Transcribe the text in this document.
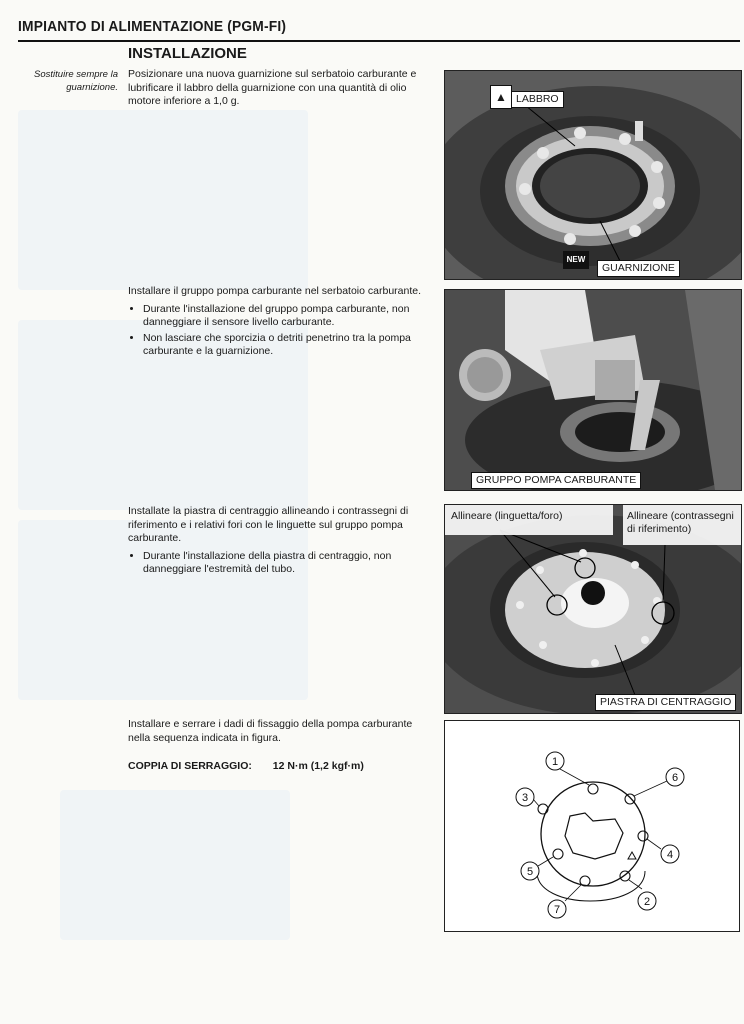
IMPIANTO DI ALIMENTAZIONE (PGM-FI)
INSTALLAZIONE
Sostituire sempre la guarnizione.
Posizionare una nuova guarnizione sul serbatoio carburante e lubrificare il labbro della guarnizione con una quantità di olio motore inferiore a 1,0 g.
Installare il gruppo pompa carburante nel serbatoio carburante.
• Durante l'installazione del gruppo pompa carburante, non danneggiare il sensore livello carburante.
• Non lasciare che sporcizia o detriti penetrino tra la pompa carburante e la guarnizione.
Installate la piastra di centraggio allineando i contrassegni di riferimento e i relativi fori con le linguette sul gruppo pompa carburante.
• Durante l'installazione della piastra di centraggio, non danneggiare l'estremità del tubo.
Installare e serrare i dadi di fissaggio della pompa carburante nella sequenza indicata in figura.
COPPIA DI SERRAGGIO: 12 N·m (1,2 kgf·m)
▲ LABBRO
NEW
GUARNIZIONE
GRUPPO POMPA CARBURANTE
Allineare (linguetta/foro)	Allineare (contrassegni di riferimento)
PIASTRA DI CENTRAGGIO
1
2
3
4
5
6
7
